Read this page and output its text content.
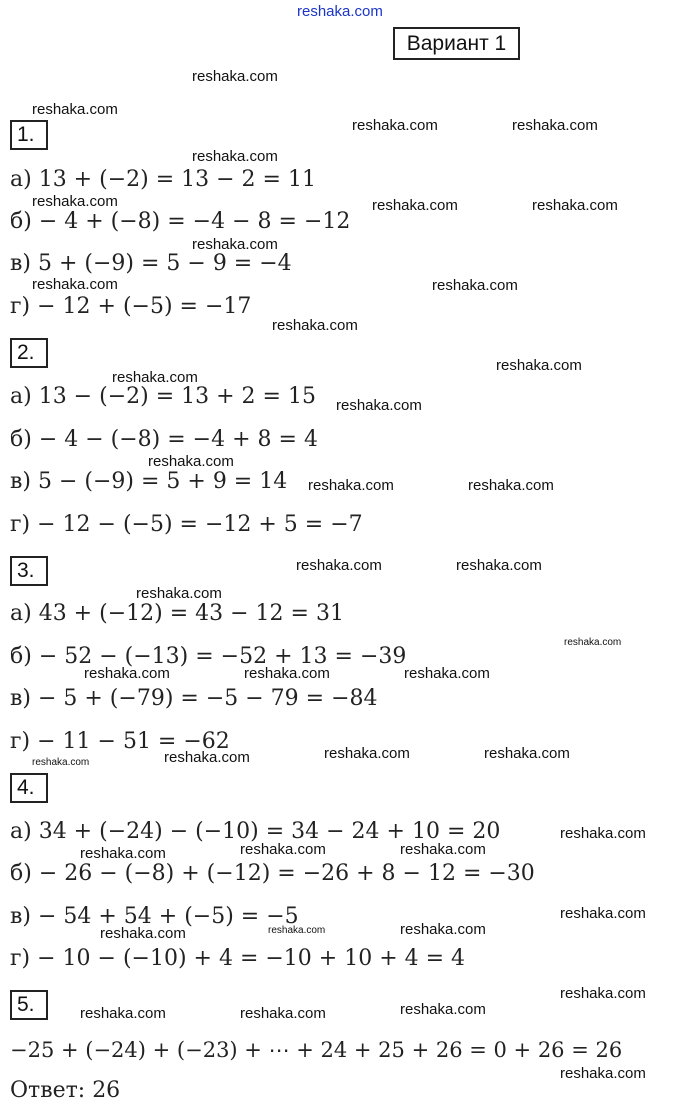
reshaka.com
reshaka.com
reshaka.com
reshaka.com	reshaka.com
reshaka.com
reshaka.com	reshaka.com	reshaka.com
reshaka.com
reshaka.com	reshaka.com
reshaka.com
reshaka.com
reshaka.com
reshaka.com
reshaka.com
reshaka.com	reshaka.com
reshaka.com	reshaka.com
reshaka.com
reshaka.com
reshaka.com	reshaka.com	reshaka.com
reshaka.com	reshaka.com	reshaka.com
reshaka.com
reshaka.com
reshaka.com	reshaka.com
reshaka.com
reshaka.com
reshaka.com
reshaka.com
reshaka.com
reshaka.com
reshaka.com
reshaka.com	reshaka.com
reshaka.com
Вариант 1
1.
а) 13 + (−2) = 13 − 2 = 11
б) − 4 + (−8) = −4 − 8 = −12
в) 5 + (−9) = 5 − 9 = −4
г) − 12 + (−5) = −17
2.
а) 13 − (−2) = 13 + 2 = 15
б) − 4 − (−8) = −4 + 8 = 4
в) 5 − (−9) = 5 + 9 = 14
г) − 12 − (−5) = −12 + 5 = −7
3.
а) 43 + (−12) = 43 − 12 = 31
б) − 52 − (−13) = −52 + 13 = −39
в) − 5 + (−79) = −5 − 79 = −84
г) − 11 − 51 = −62
4.
а) 34 + (−24) − (−10) = 34 − 24 + 10 = 20
б) − 26 − (−8) + (−12) = −26 + 8 − 12 = −30
в) − 54 + 54 + (−5) = −5
г) − 10 − (−10) + 4 = −10 + 10 + 4 = 4
5.
−25 + (−24) + (−23) + ⋯ + 24 + 25 + 26 = 0 + 26 = 26
Ответ: 26
